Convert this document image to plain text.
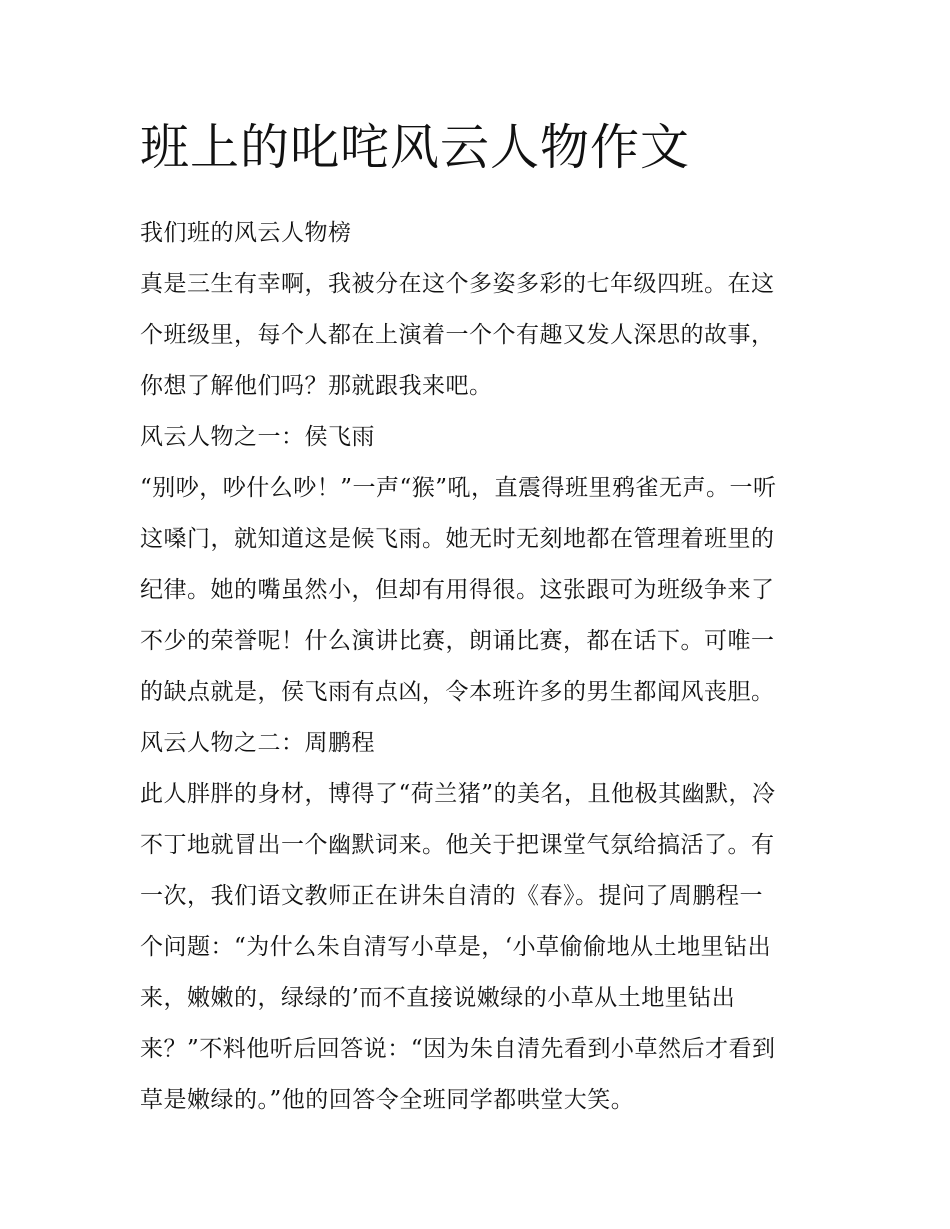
班上的叱咤风云人物作文

我们班的风云人物榜
真是三生有幸啊，我被分在这个多姿多彩的七年级四班。在这
个班级里，每个人都在上演着一个个有趣又发人深思的故事，
你想了解他们吗？那就跟我来吧。
风云人物之一：侯飞雨
“别吵，吵什么吵！”一声“猴”吼，直震得班里鸦雀无声。一听
这嗓门，就知道这是候飞雨。她无时无刻地都在管理着班里的
纪律。她的嘴虽然小，但却有用得很。这张跟可为班级争来了
不少的荣誉呢！什么演讲比赛，朗诵比赛，都在话下。可唯一
的缺点就是，侯飞雨有点凶，令本班许多的男生都闻风丧胆。
风云人物之二：周鹏程
此人胖胖的身材，博得了“荷兰猪”的美名，且他极其幽默，冷
不丁地就冒出一个幽默词来。他关于把课堂气氛给搞活了。有
一次，我们语文教师正在讲朱自清的《春》。提问了周鹏程一
个问题：“为什么朱自清写小草是，‘小草偷偷地从土地里钻出
来，嫩嫩的，绿绿的’而不直接说嫩绿的小草从土地里钻出
来？”不料他听后回答说：“因为朱自清先看到小草然后才看到
草是嫩绿的。”他的回答令全班同学都哄堂大笑。
